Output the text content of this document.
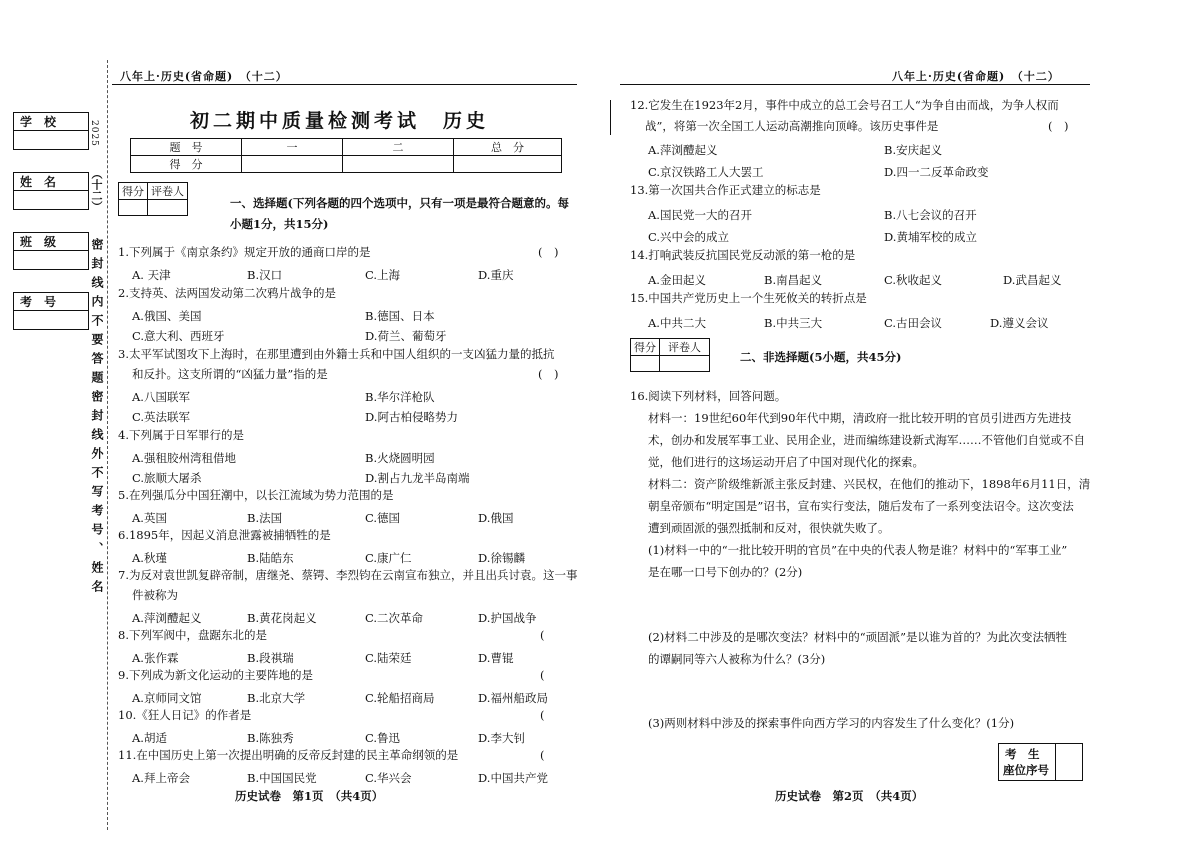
学　校
姓　名
班　级
考　号
2025
（十二）
密封线内不要答题密封线外不写考号、姓名
八年上·历史(省命题)　（十二）
初二期中质量检测考试　历史
题　号	一	二	总　分
得　分			
得分	评卷人

一、选择题(下列各题的四个选项中，只有一项是最符合题意的。每
小题1分，共15分)
1.下列属于《南京条约》规定开放的通商口岸的是	(　)
A. 天津	B.汉口	C.上海	D.重庆
2.支持英、法两国发动第二次鸦片战争的是
A.俄国、美国	B.德国、日本
C.意大利、西班牙	D.荷兰、葡萄牙
3.太平军试图攻下上海时，在那里遭到由外籍士兵和中国人组织的一支凶猛力量的抵抗
和反扑。这支所谓的“凶猛力量”指的是	(　)
A.八国联军	B.华尔洋枪队
C.英法联军	D.阿古柏侵略势力
4.下列属于日军罪行的是
A.强租胶州湾租借地	B.火烧圆明园
C.旅顺大屠杀	D.割占九龙半岛南端
5.在列强瓜分中国狂潮中，以长江流域为势力范围的是
A.英国	B.法国	C.德国	D.俄国
6.1895年，因起义消息泄露被捕牺牲的是
A.秋瑾	B.陆皓东	C.康广仁	D.徐锡麟
7.为反对袁世凯复辟帝制，唐继尧、蔡锷、李烈钧在云南宣布独立，并且出兵讨袁。这一事
件被称为
A.萍浏醴起义	B.黄花岗起义	C.二次革命	D.护国战争
8.下列军阀中，盘踞东北的是	(
A.张作霖	B.段祺瑞	C.陆荣廷	D.曹锟
9.下列成为新文化运动的主要阵地的是	(
A.京师同文馆	B.北京大学	C.轮船招商局	D.福州船政局
10.《狂人日记》的作者是	(
A.胡适	B.陈独秀	C.鲁迅	D.李大钊
11.在中国历史上第一次提出明确的反帝反封建的民主革命纲领的是	(
A.拜上帝会	B.中国国民党	C.华兴会	D.中国共产党
历史试卷　第1页　（共4页）
八年上·历史(省命题)　（十二）
12.它发生在1923年2月，事件中成立的总工会号召工人“为争自由而战，为争人权而
战”，将第一次全国工人运动高潮推向顶峰。该历史事件是	(　)
A.萍浏醴起义	B.安庆起义
C.京汉铁路工人大罢工	D.四一二反革命政变
13.第一次国共合作正式建立的标志是
A.国民党一大的召开	B.八七会议的召开
C.兴中会的成立	D.黄埔军校的成立
14.打响武装反抗国民党反动派的第一枪的是
A.金田起义	B.南昌起义	C.秋收起义	D.武昌起义
15.中国共产党历史上一个生死攸关的转折点是
A.中共二大	B.中共三大	C.古田会议	D.遵义会议
得分	评卷人

二、非选择题(5小题，共45分)
16.阅读下列材料，回答问题。
材料一：19世纪60年代到90年代中期，清政府一批比较开明的官员引进西方先进技
术，创办和发展军事工业、民用企业，进而编练建设新式海军……不管他们自觉或不自
觉，他们进行的这场运动开启了中国对现代化的探索。
材料二：资产阶级维新派主张反封建、兴民权，在他们的推动下，1898年6月11日，清
朝皇帝颁布“明定国是”诏书，宣布实行变法，随后发布了一系列变法诏令。这次变法
遭到顽固派的强烈抵制和反对，很快就失败了。
(1)材料一中的“一批比较开明的官员”在中央的代表人物是谁？材料中的“军事工业”
是在哪一口号下创办的？(2分)
(2)材料二中涉及的是哪次变法？材料中的“顽固派”是以谁为首的？为此次变法牺牲
的谭嗣同等六人被称为什么？(3分)
(3)两则材料中涉及的探索事件向西方学习的内容发生了什么变化？(1分)
考　生
座位序号
历史试卷　第2页　（共4页）
